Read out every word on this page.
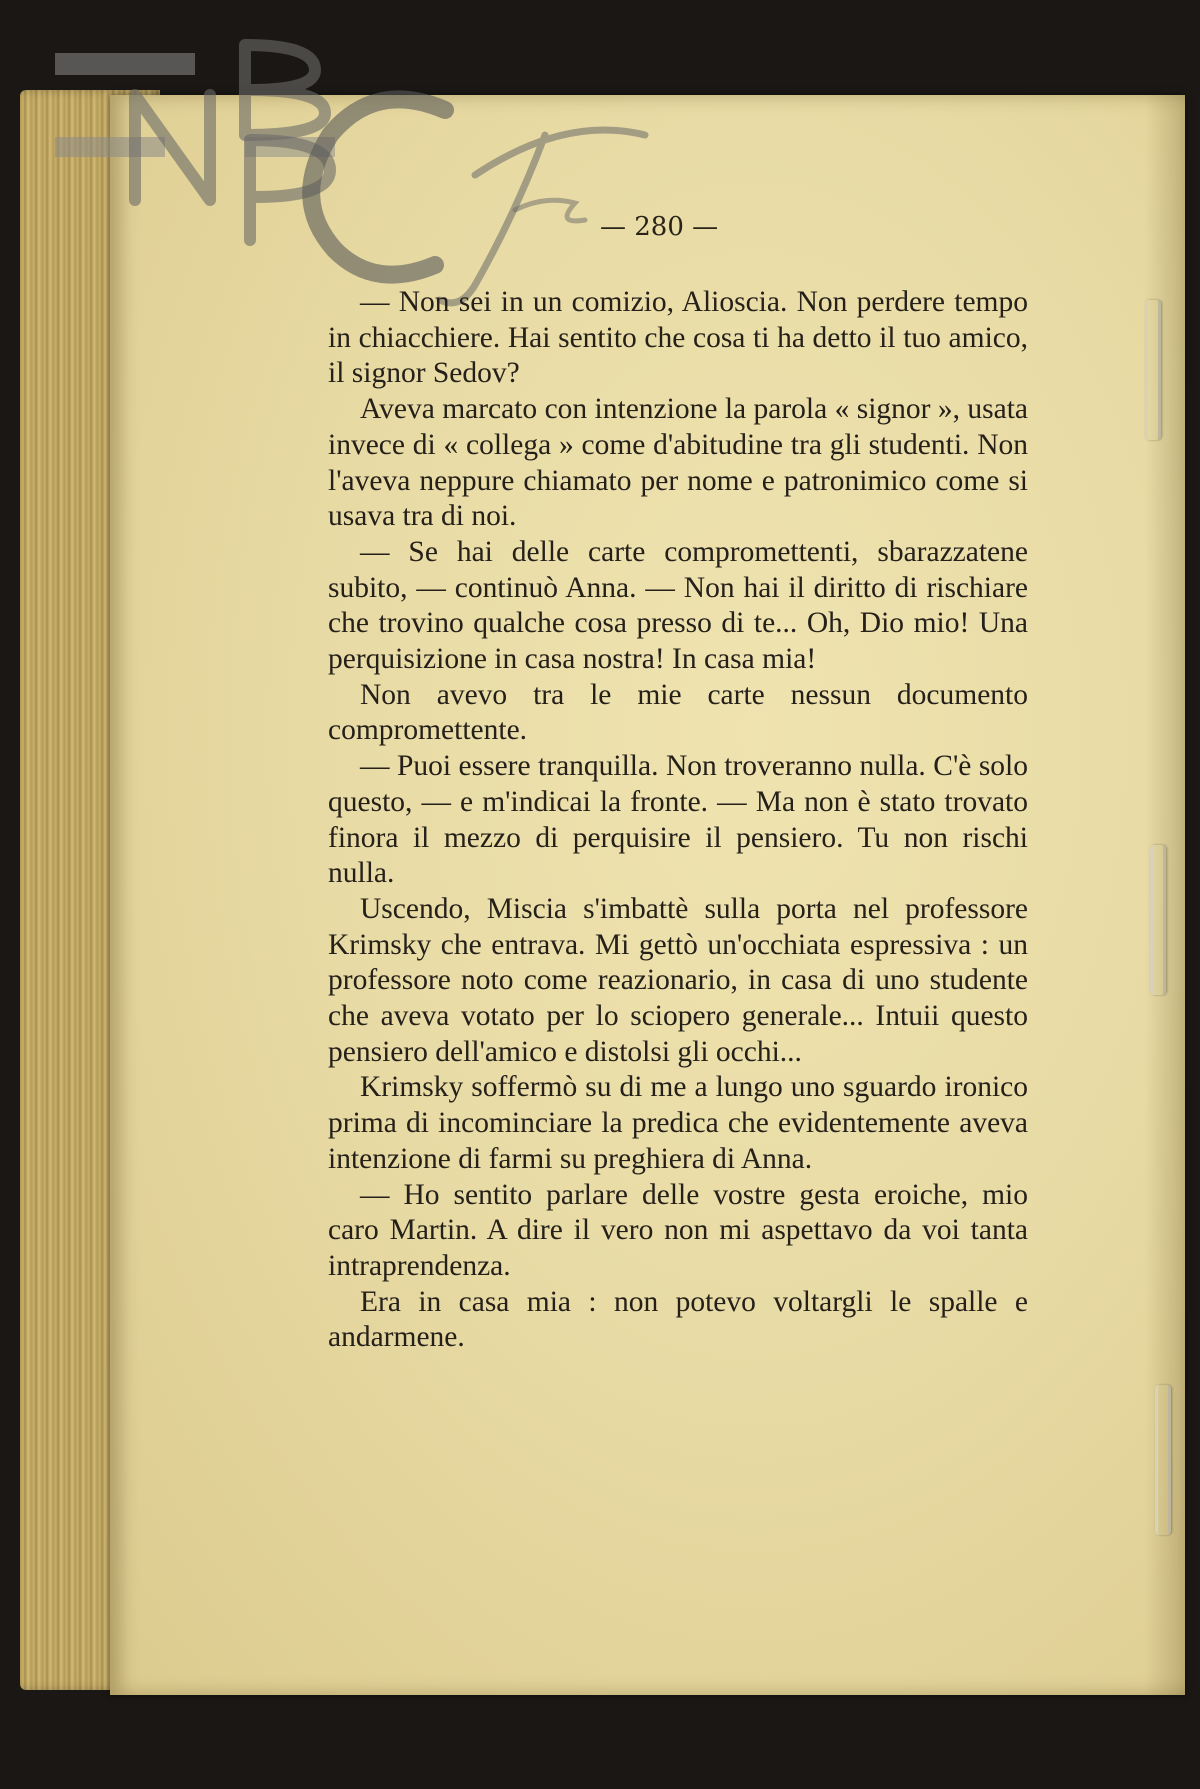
— 280 —

— Non sei in un comizio, Alioscia. Non perdere tempo in chiacchiere. Hai sentito che cosa ti ha detto il tuo amico, il signor Sedov?

Aveva marcato con intenzione la parola « signor », usata invece di « collega » come d'abitudine tra gli studenti. Non l'aveva neppure chiamato per nome e patronimico come si usava tra di noi.

— Se hai delle carte compromettenti, sbarazzatene subito, — continuò Anna. — Non hai il diritto di rischiare che trovino qualche cosa presso di te... Oh, Dio mio! Una perquisizione in casa nostra! In casa mia!

Non avevo tra le mie carte nessun documento compromettente.

— Puoi essere tranquilla. Non troveranno nulla. C'è solo questo, — e m'indicai la fronte. — Ma non è stato trovato finora il mezzo di perquisire il pensiero. Tu non rischi nulla.

Uscendo, Miscia s'imbattè sulla porta nel professore Krimsky che entrava. Mi gettò un'occhiata espressiva : un professore noto come reazionario, in casa di uno studente che aveva votato per lo sciopero generale... Intuii questo pensiero dell'amico e distolsi gli occhi...

Krimsky soffermò su di me a lungo uno sguardo ironico prima di incominciare la predica che evidentemente aveva intenzione di farmi su preghiera di Anna.

— Ho sentito parlare delle vostre gesta eroiche, mio caro Martin. A dire il vero non mi aspettavo da voi tanta intraprendenza.

Era in casa mia : non potevo voltargli le spalle e andarmene.
